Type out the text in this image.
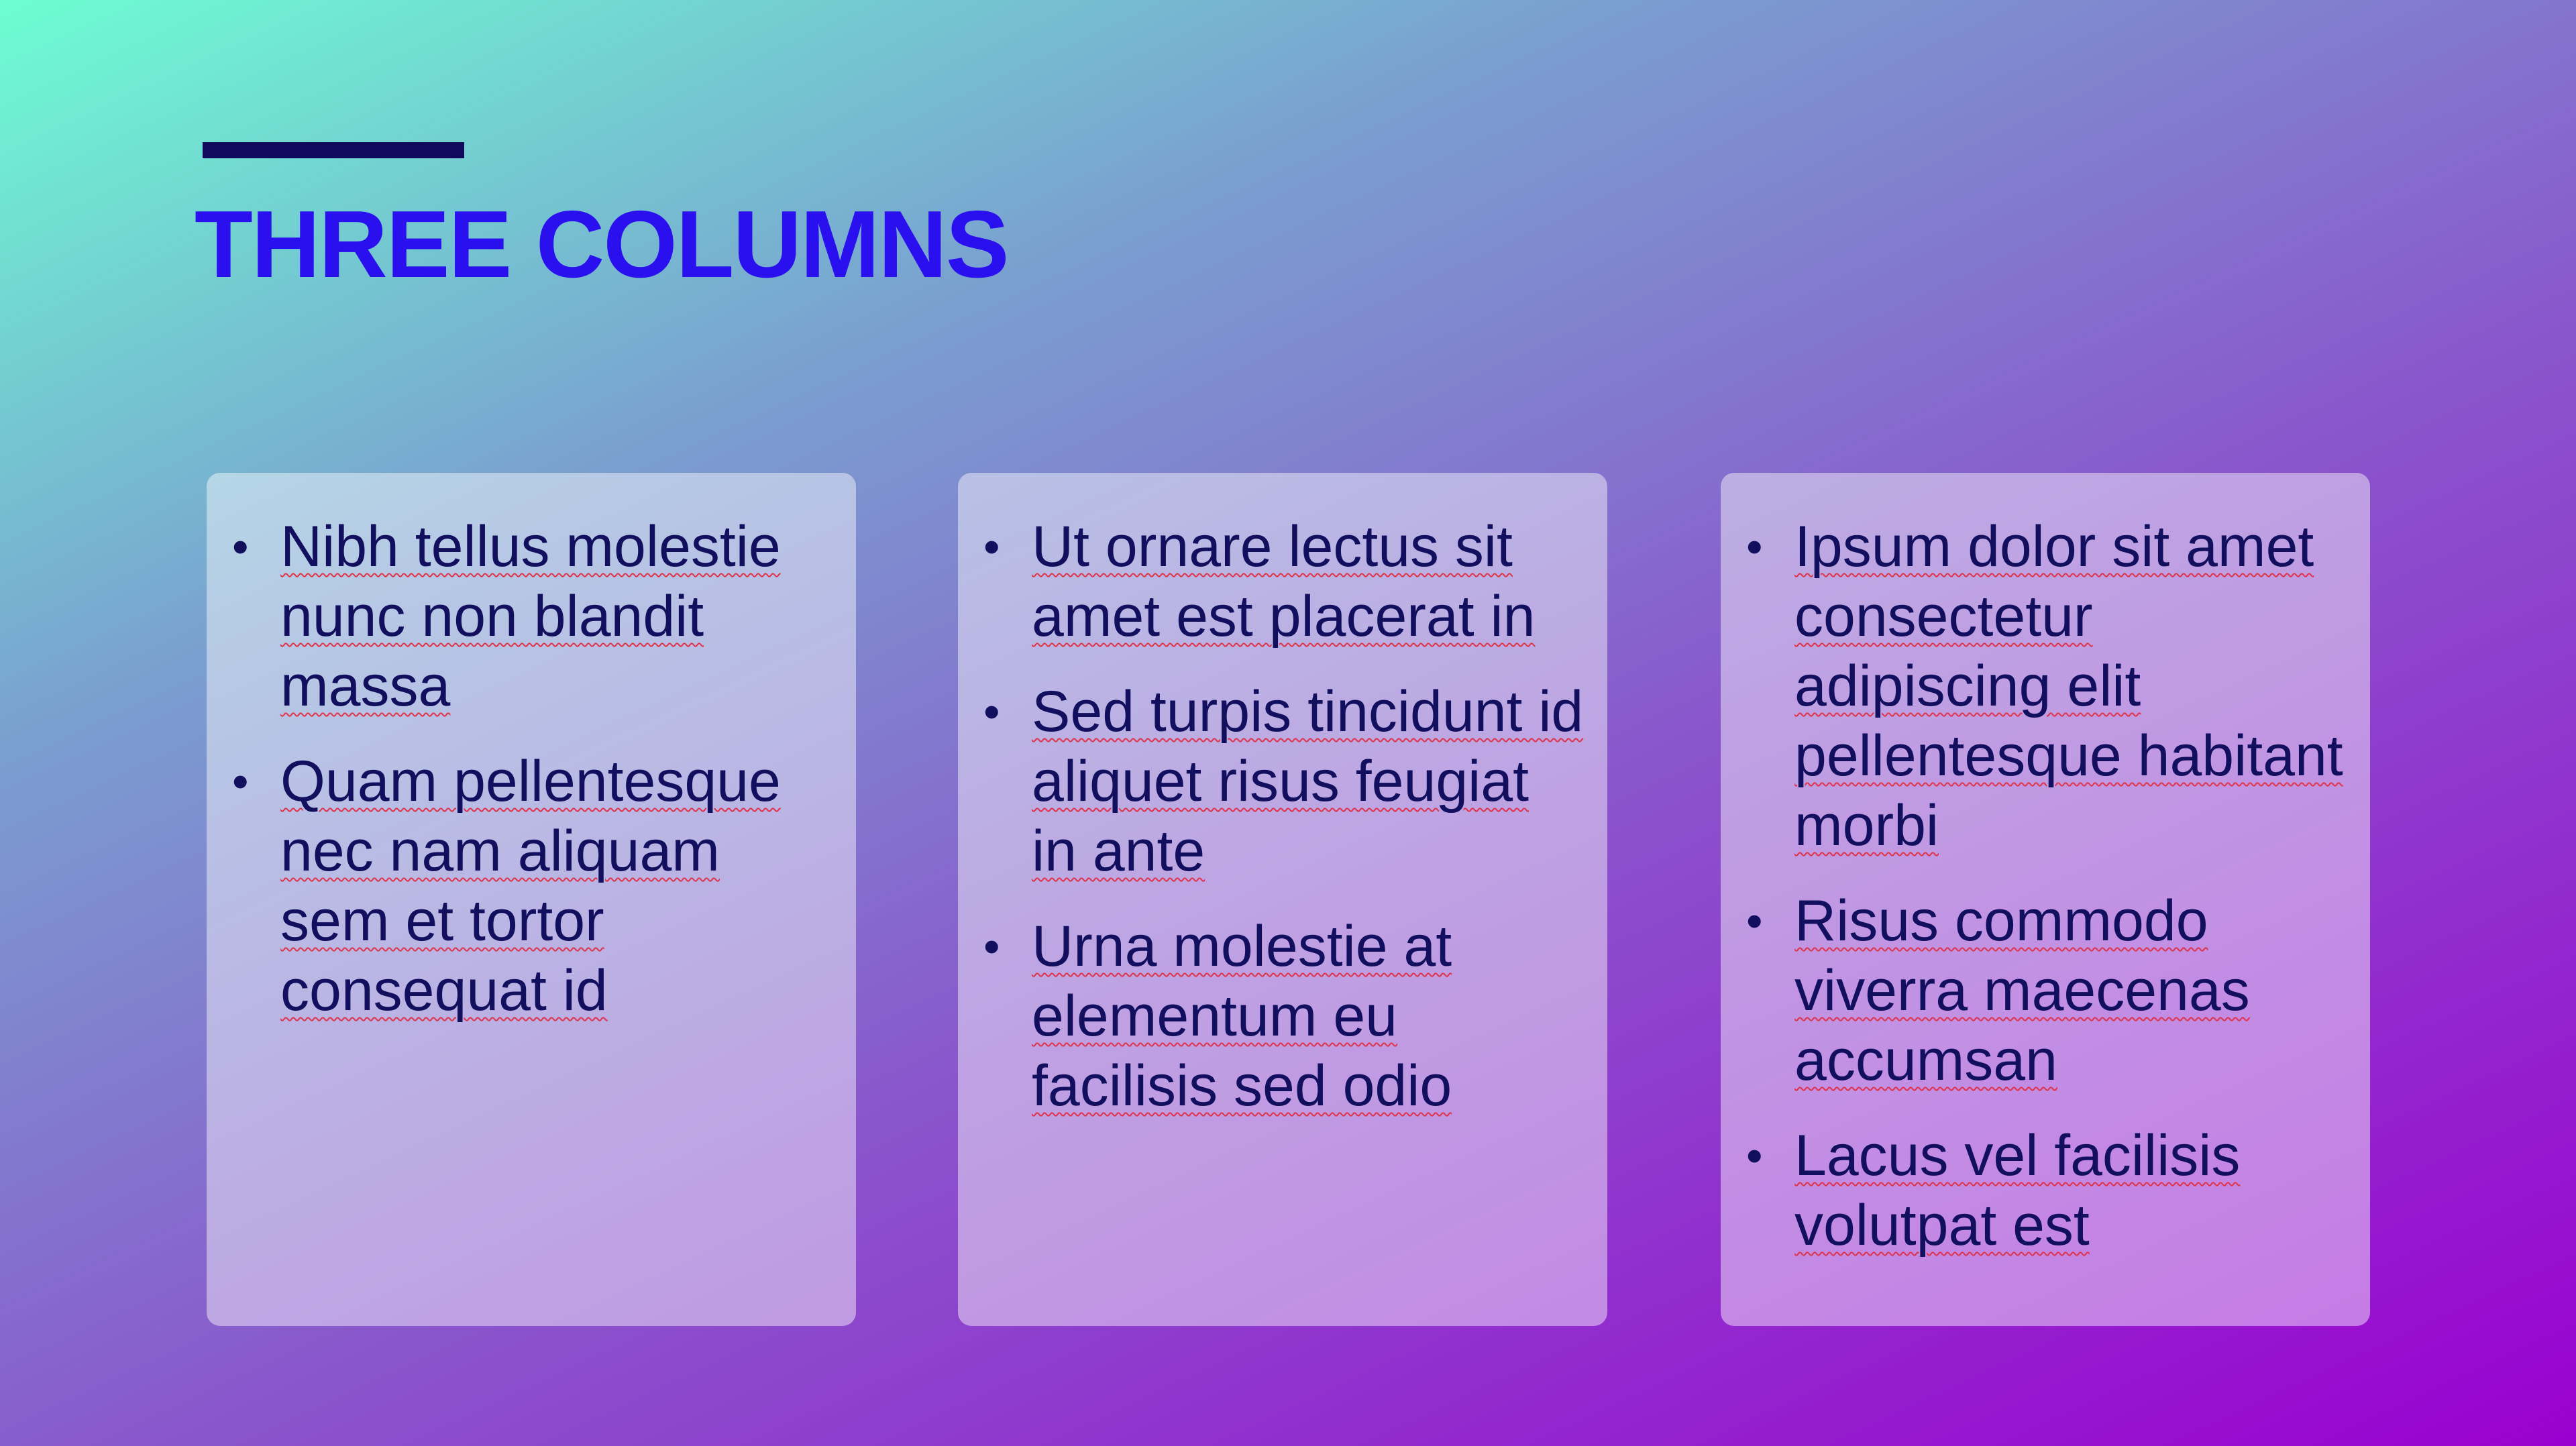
THREE COLUMNS
• Nibh tellus molestie nunc non blandit massa
• Quam pellentesque nec nam aliquam sem et tortor consequat id
• Ut ornare lectus sit amet est placerat in
• Sed turpis tincidunt id aliquet risus feugiat in ante
• Urna molestie at elementum eu facilisis sed odio
• Ipsum dolor sit amet consectetur adipiscing elit pellentesque habitant morbi
• Risus commodo viverra maecenas accumsan
• Lacus vel facilisis volutpat est
